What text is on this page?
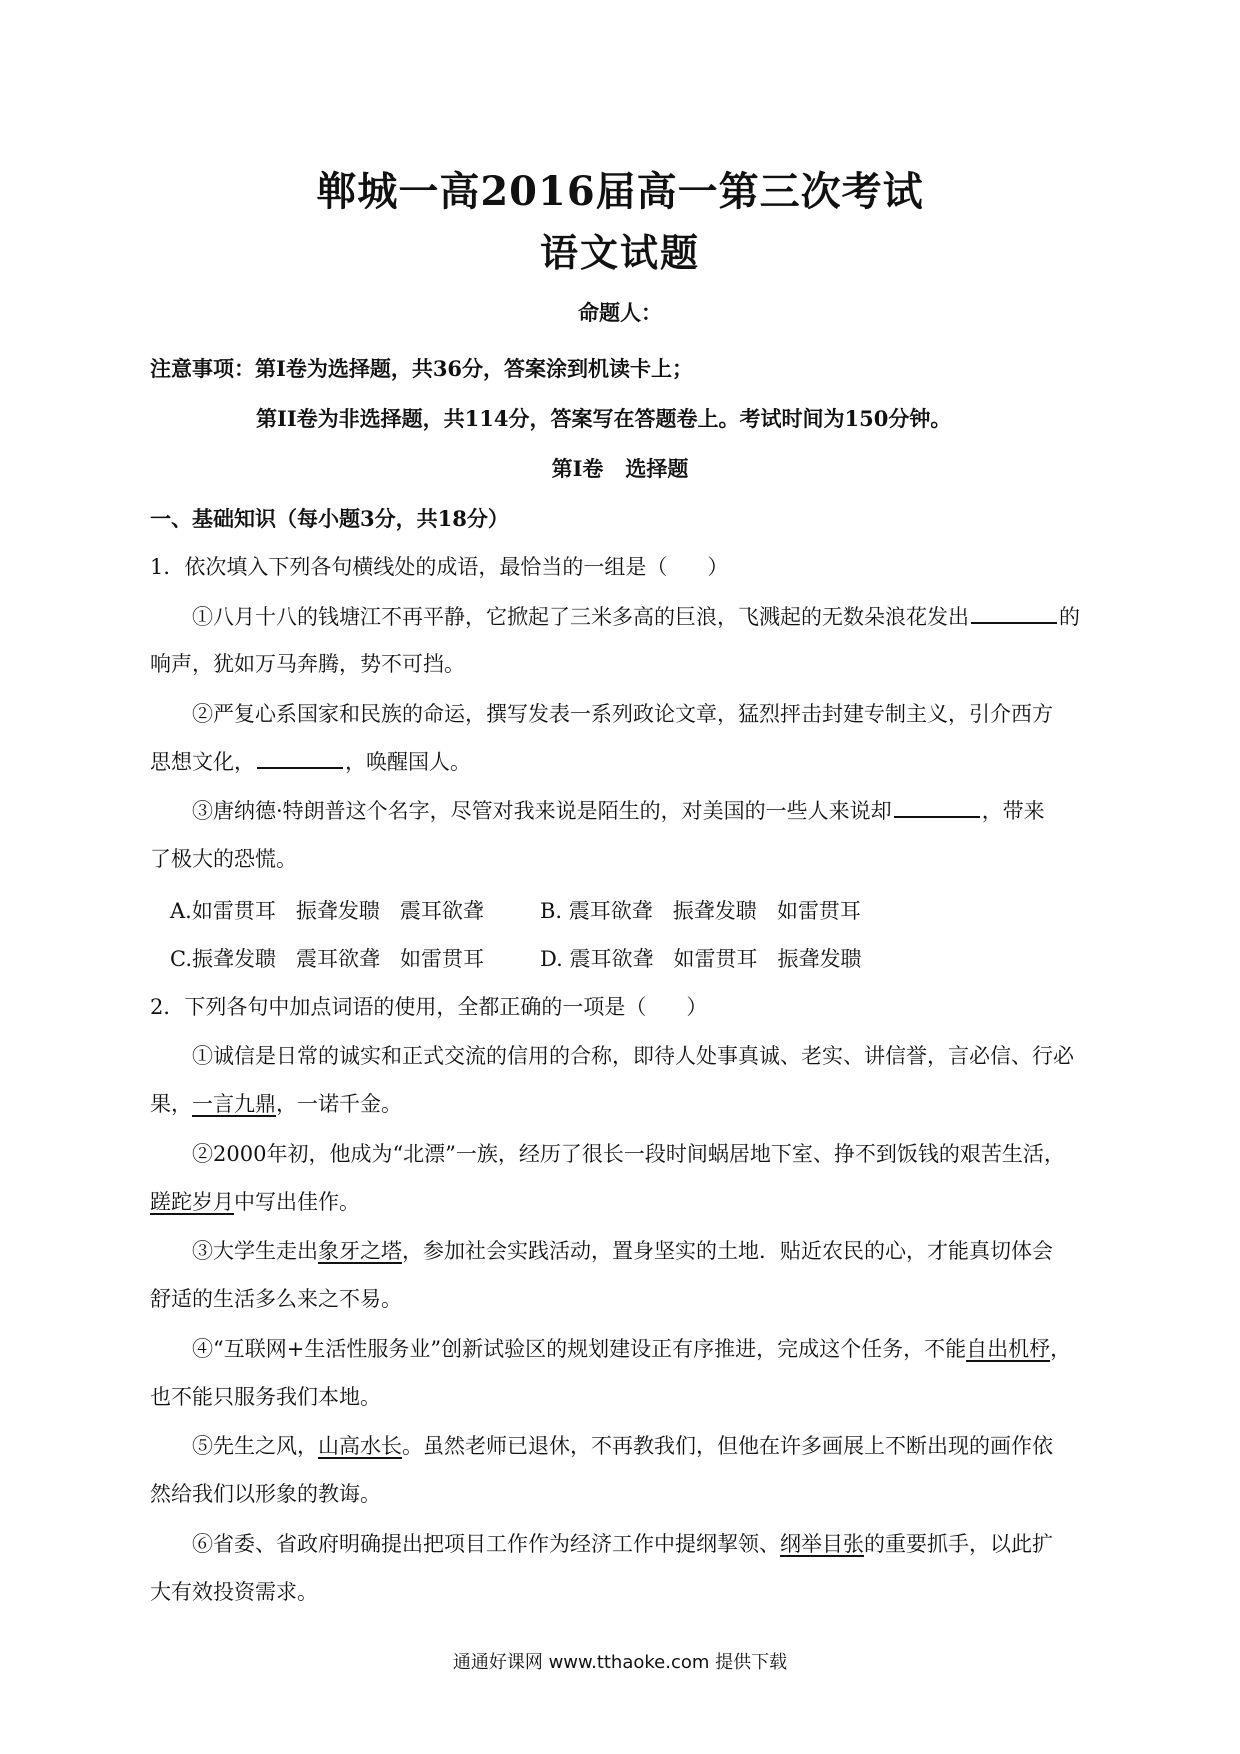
郸城一高2016届高一第三次考试
语文试题
命题人：
注意事项：第I卷为选择题，共36分，答案涂到机读卡上；
第II卷为非选择题，共114分，答案写在答题卷上。考试时间为150分钟。
第I卷   选择题
一、基础知识（每小题3分，共18分）
1．依次填入下列各句横线处的成语，最恰当的一组是（      ）
①八月十八的钱塘江不再平静，它掀起了三米多高的巨浪，飞溅起的无数朵浪花发出	的
响声，犹如万马奔腾，势不可挡。
②严复心系国家和民族的命运，撰写发表一系列政论文章，猛烈抨击封建专制主义，引介西方
思想文化，	，唤醒国人。
③唐纳德·特朗普这个名字，尽管对我来说是陌生的，对美国的一些人来说却	，带来
了极大的恐慌。
A.如雷贯耳   振聋发聩   震耳欲聋	B. 震耳欲聋   振聋发聩   如雷贯耳
C.振聋发聩   震耳欲聋   如雷贯耳	D. 震耳欲聋   如雷贯耳   振聋发聩
2．下列各句中加点词语的使用，全都正确的一项是（      ）
①诚信是日常的诚实和正式交流的信用的合称，即待人处事真诚、老实、讲信誉，言必信、行必
果，一言九鼎，一诺千金。
②2000年初，他成为“北漂”一族，经历了很长一段时间蜗居地下室、挣不到饭钱的艰苦生活，
蹉跎岁月中写出佳作。
③大学生走出象牙之塔，参加社会实践活动，置身坚实的土地．贴近农民的心，才能真切体会
舒适的生活多么来之不易。
④“互联网+生活性服务业”创新试验区的规划建设正有序推进，完成这个任务，不能自出机杼，
也不能只服务我们本地。
⑤先生之风，山高水长。虽然老师已退休，不再教我们，但他在许多画展上不断出现的画作依
然给我们以形象的教诲。
⑥省委、省政府明确提出把项目工作作为经济工作中提纲挈领、纲举目张的重要抓手，以此扩
大有效投资需求。
通通好课网 www.tthaoke.com 提供下载
